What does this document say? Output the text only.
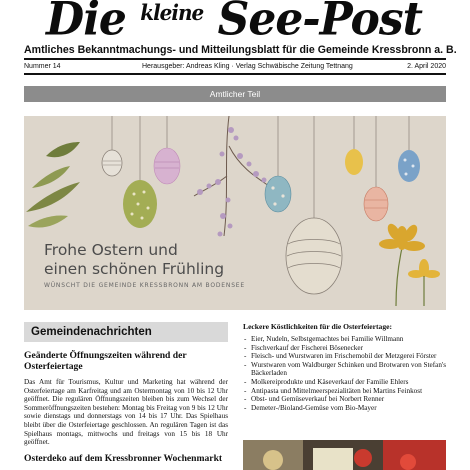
Die $^{kleine}$ See-Post
Amtliches Bekanntmachungs- und Mitteilungsblatt für die Gemeinde Kressbronn a. B.
Nummer 14	Herausgeber: Andreas Kling · Verlag Schwäbische Zeitung Tettnang	2. April 2020
Amtlicher Teil
Frohe Ostern und
einen schönen Frühling
WÜNSCHT DIE GEMEINDE KRESSBRONN AM BODENSEE
Gemeindenachrichten
Geänderte Öffnungszeiten während der Osterfeiertage
Das Amt für Tourismus, Kultur und Marketing hat während der Osterfeiertage am Karfreitag und am Ostermontag von 10 bis 12 Uhr geöffnet. Die regulären Öffnungszeiten bleiben bis zum Wechsel der Sommeröffnungszeiten bestehen: Montag bis Freitag von 9 bis 12 Uhr sowie dienstags und donnerstags von 14 bis 17 Uhr. Das Spielhaus bleibt über die Osterfeiertage geschlossen. An regulären Tagen ist das Spielhaus montags, mittwochs und freitags von 15 bis 18 Uhr geöffnet.
Osterdeko auf dem Kressbronner Wochenmarkt
Leckere Köstlichkeiten für die Osterfeiertage:
- Eier, Nudeln, Selbstgemachtes bei Familie Willmann
- Fischverkauf der Fischerei Bösenecker
- Fleisch- und Wurstwaren im Frischemobil der Metzgerei Förster
- Wurstwaren vom Waldburger Schinken und Brotwaren von Stefan's Bäckerladen
- Molkereiprodukte und Käseverkauf der Familie Ehlers
- Antipasta und Mittelmeerspezialitäten bei Martins Feinkost
- Obst- und Gemüseverkauf bei Norbert Renner
- Demeter-/Bioland-Gemüse vom Bio-Mayer
